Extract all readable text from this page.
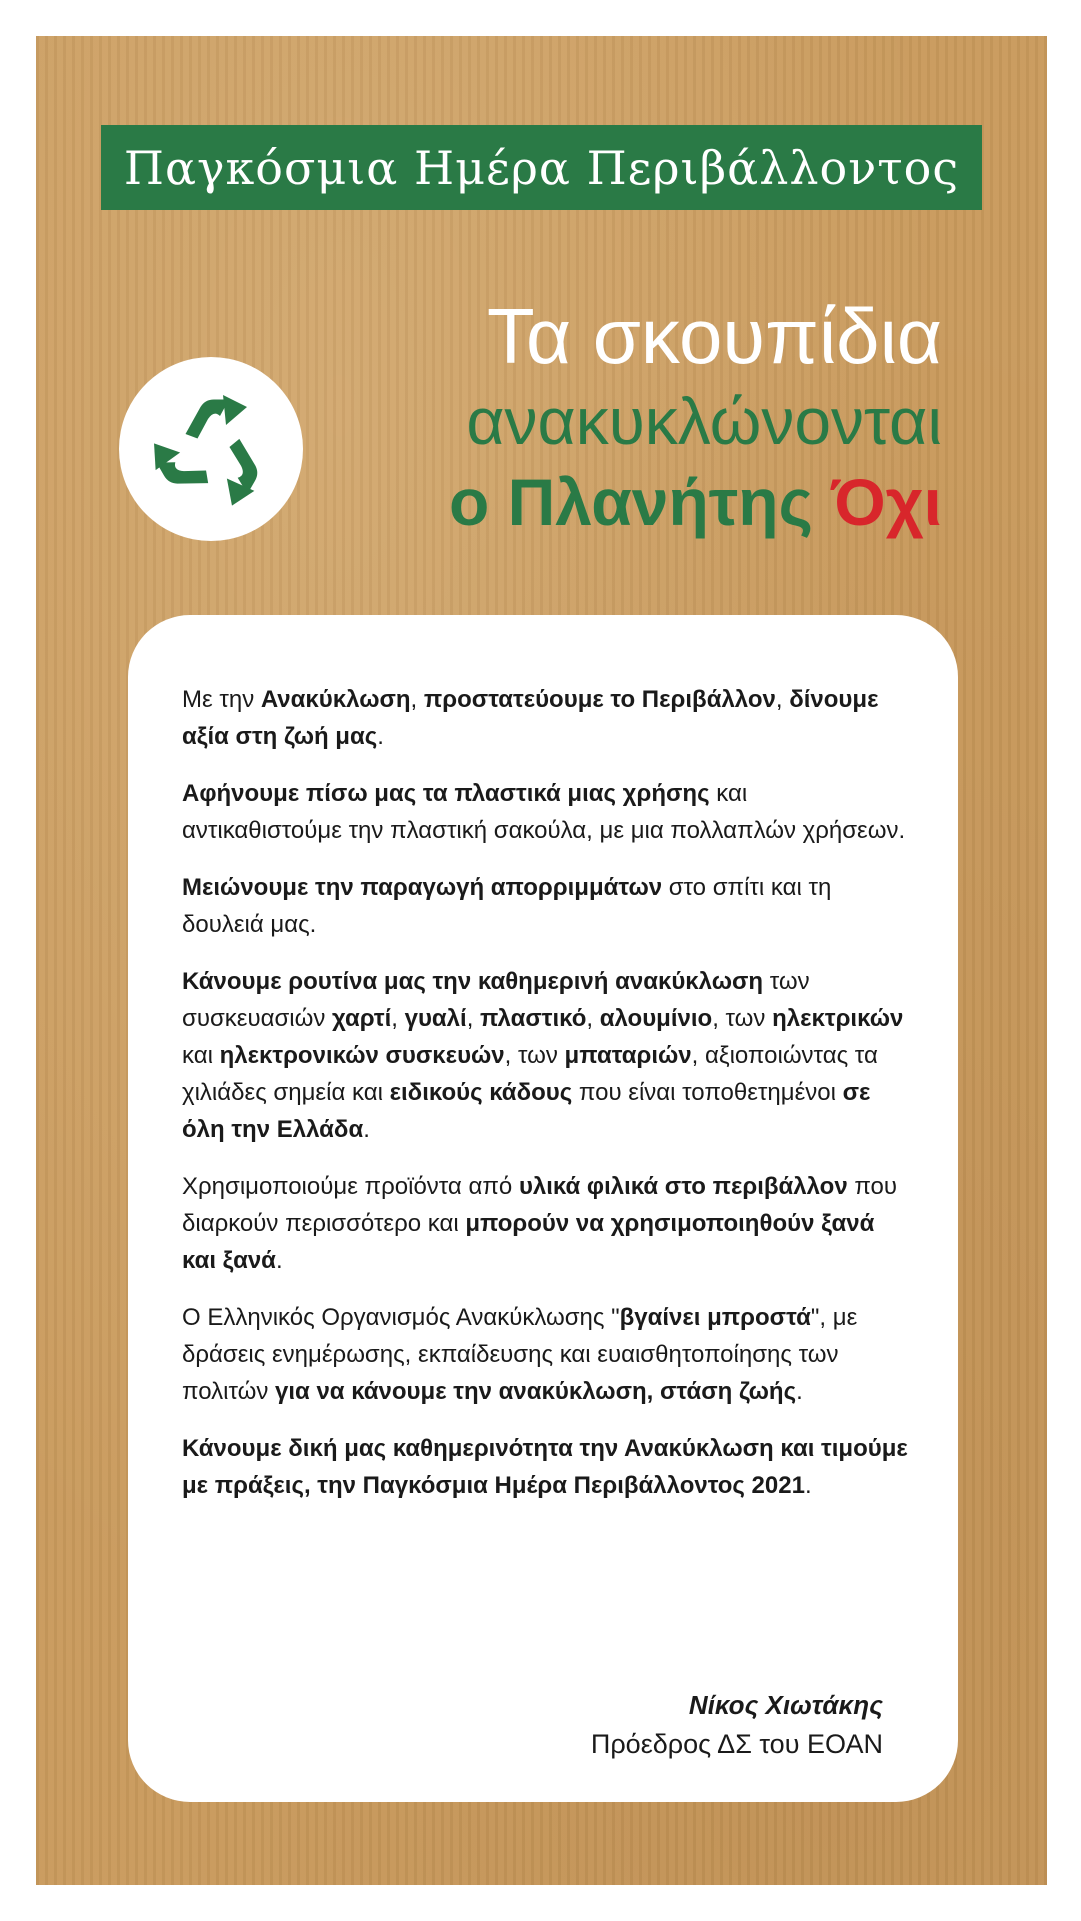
Παγκόσμια Ημέρα Περιβάλλοντος
Τα σκουπίδια
ανακυκλώνονται
ο Πλανήτης Όχι

Με την Ανακύκλωση, προστατεύουμε το Περιβάλλον, δίνουμε αξία στη ζωή μας.

Αφήνουμε πίσω μας τα πλαστικά μιας χρήσης και αντικαθιστούμε την πλαστική σακούλα, με μια πολλαπλών χρήσεων.

Μειώνουμε την παραγωγή απορριμμάτων στο σπίτι και τη δουλειά μας.

Κάνουμε ρουτίνα μας την καθημερινή ανακύκλωση των συσκευασιών χαρτί, γυαλί, πλαστικό, αλουμίνιο, των ηλεκτρικών και ηλεκτρονικών συσκευών, των μπαταριών, αξιοποιώντας τα χιλιάδες σημεία και ειδικούς κάδους που είναι τοποθετημένοι σε όλη την Ελλάδα.

Χρησιμοποιούμε προϊόντα από υλικά φιλικά στο περιβάλλον που διαρκούν περισσότερο και μπορούν να χρησιμοποιηθούν ξανά και ξανά.

Ο Ελληνικός Οργανισμός Ανακύκλωσης "βγαίνει μπροστά", με δράσεις ενημέρωσης, εκπαίδευσης και ευαισθητοποίησης των πολιτών για να κάνουμε την ανακύκλωση, στάση ζωής.

Κάνουμε δική μας καθημερινότητα την Ανακύκλωση και τιμούμε με πράξεις, την Παγκόσμια Ημέρα Περιβάλλοντος 2021.

Νίκος Χιωτάκης
Πρόεδρος ΔΣ του ΕΟΑΝ
